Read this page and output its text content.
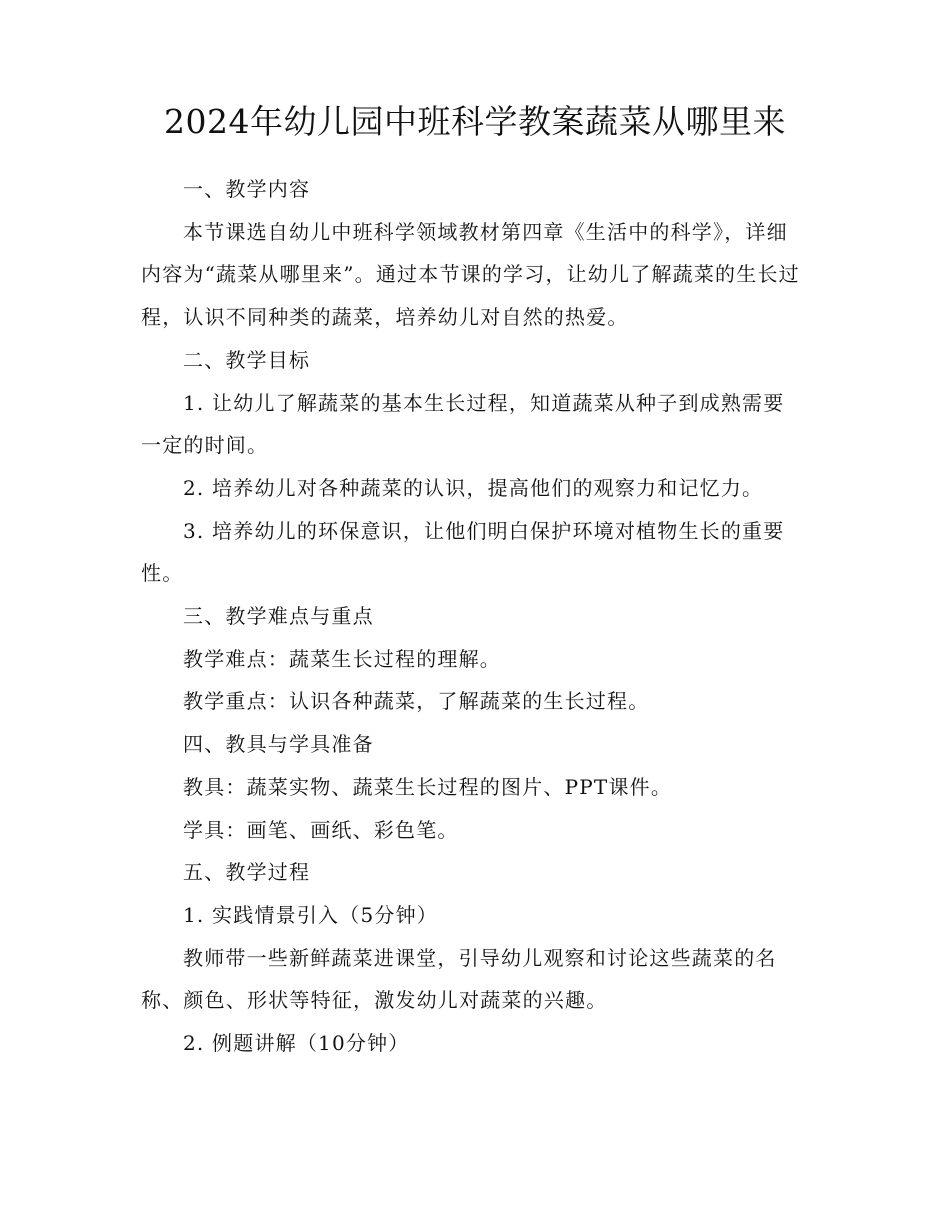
2024年幼儿园中班科学教案蔬菜从哪里来

一、教学内容

本节课选自幼儿中班科学领域教材第四章《生活中的科学》，详细内容为“蔬菜从哪里来”。通过本节课的学习，让幼儿了解蔬菜的生长过程，认识不同种类的蔬菜，培养幼儿对自然的热爱。

二、教学目标

1. 让幼儿了解蔬菜的基本生长过程，知道蔬菜从种子到成熟需要一定的时间。

2. 培养幼儿对各种蔬菜的认识，提高他们的观察力和记忆力。

3. 培养幼儿的环保意识，让他们明白保护环境对植物生长的重要性。

三、教学难点与重点

教学难点：蔬菜生长过程的理解。

教学重点：认识各种蔬菜，了解蔬菜的生长过程。

四、教具与学具准备

教具：蔬菜实物、蔬菜生长过程的图片、PPT课件。

学具：画笔、画纸、彩色笔。

五、教学过程

1. 实践情景引入（5分钟）

教师带一些新鲜蔬菜进课堂，引导幼儿观察和讨论这些蔬菜的名称、颜色、形状等特征，激发幼儿对蔬菜的兴趣。

2. 例题讲解（10分钟）
